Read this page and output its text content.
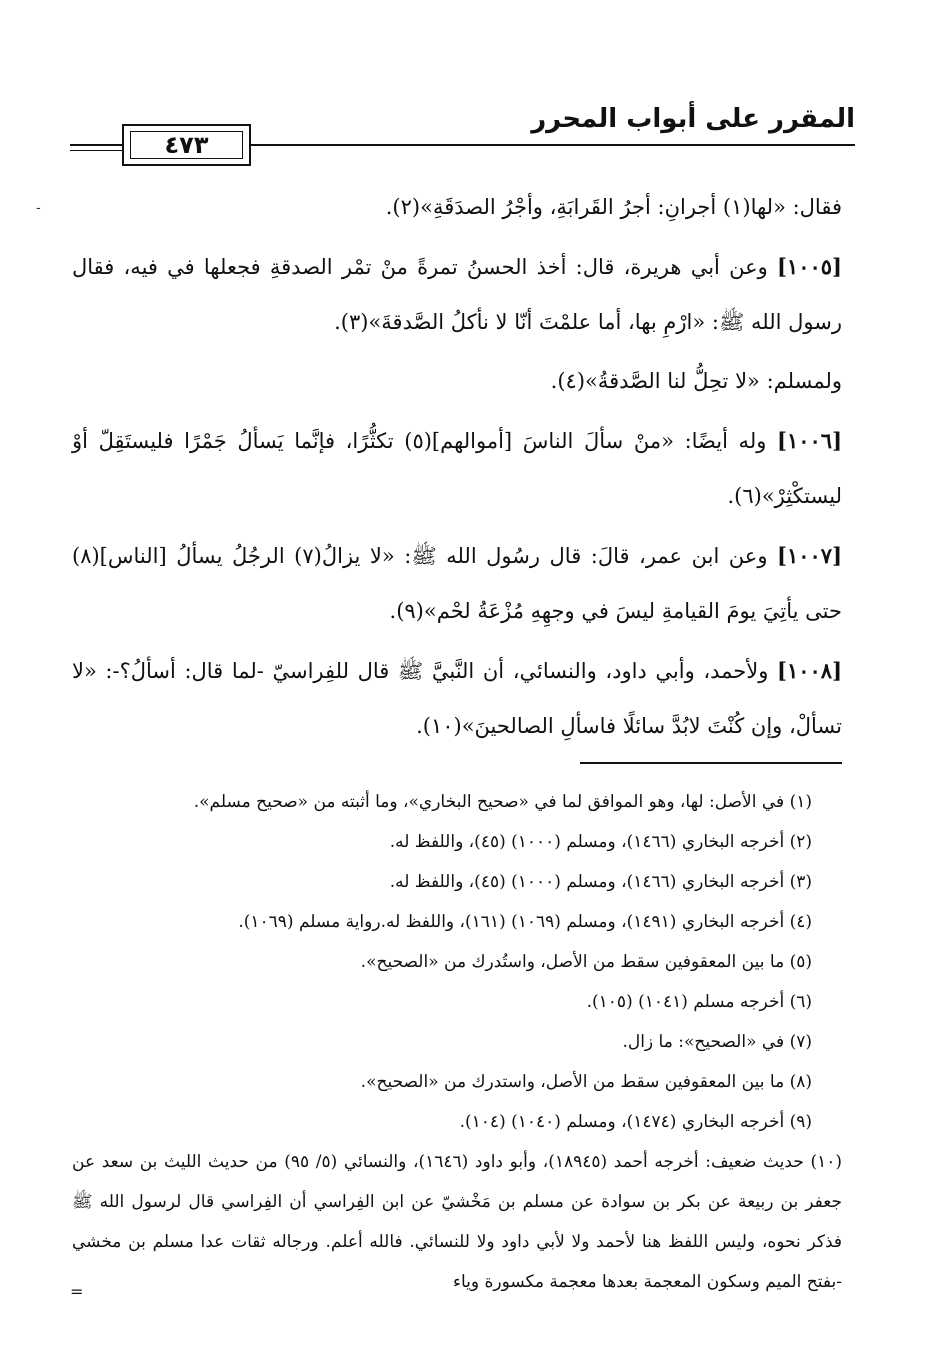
المقرر على أبواب المحرر
٤٧٣
-	فقال: «لها(١) أجرانِ: أجرُ القَرابَةِ، وأجْرُ الصدَقَةِ»(٢).

[١٠٠٥] وعن أبي هريرة، قال: أخذ الحسنُ تمرةً منْ تمْر الصدقةِ فجعلها في فيه، فقال رسول الله ﷺ: «ارْمِ بها، أما علمْتَ أنّا لا نأكلُ الصَّدقةَ»(٣).

ولمسلم: «لا تحِلُّ لنا الصَّدقةُ»(٤).

[١٠٠٦] وله أيضًا: «منْ سألَ الناسَ [أموالهم](٥) تكثُّرًا، فإنَّما يَسألُ جَمْرًا فليستَقِلّ أوْ ليستكْثِرْ»(٦).

[١٠٠٧] وعن ابن عمر، قالَ: قال رسُول الله ﷺ: «لا يزالُ(٧) الرجُلُ يسألُ [الناس](٨) حتى يأتِيَ يومَ القيامةِ ليسَ في وجهِهِ مُزْعَةُ لحْم»(٩).

[١٠٠٨] ولأحمد، وأبي داود، والنسائي، أن النَّبيَّ ﷺ قال للفِراسيّ -لما قال: أسألُ؟-: «لا تسألْ، وإن كُنْتَ لابُدَّ سائلًا فاسألِ الصالحينَ»(١٠).

(١) في الأصل: لها، وهو الموافق لما في «صحيح البخاري»، وما أثبته من «صحيح مسلم».

(٢) أخرجه البخاري (١٤٦٦)، ومسلم (١٠٠٠) (٤٥)، واللفظ له.

(٣) أخرجه البخاري (١٤٦٦)، ومسلم (١٠٠٠) (٤٥)، واللفظ له.

(٤) أخرجه البخاري (١٤٩١)، ومسلم (١٠٦٩) (١٦١)، واللفظ له.رواية مسلم (١٠٦٩).

(٥) ما بين المعقوفين سقط من الأصل، واستُدرك من «الصحيح».

(٦) أخرجه مسلم (١٠٤١) (١٠٥).

(٧) في «الصحيح»: ما زال.

(٨) ما بين المعقوفين سقط من الأصل، واستدرك من «الصحيح».

(٩) أخرجه البخاري (١٤٧٤)، ومسلم (١٠٤٠) (١٠٤).

(١٠) حديث ضعيف: أخرجه أحمد (١٨٩٤٥)، وأبو داود (١٦٤٦)، والنسائي (٥/ ٩٥) من حديث الليث بن سعد عن جعفر بن ربيعة عن بكر بن سوادة عن مسلم بن مَخْشيّ عن ابن الفِراسي أن الفِراسي قال لرسول الله ﷺ فذكر نحوه، وليس اللفظ هنا لأحمد ولا لأبي داود ولا للنسائي. فالله أعلم. ورجاله ثقات عدا مسلم بن مخشي -بفتح الميم وسكون المعجمة بعدها معجمة مكسورة وياء

=
